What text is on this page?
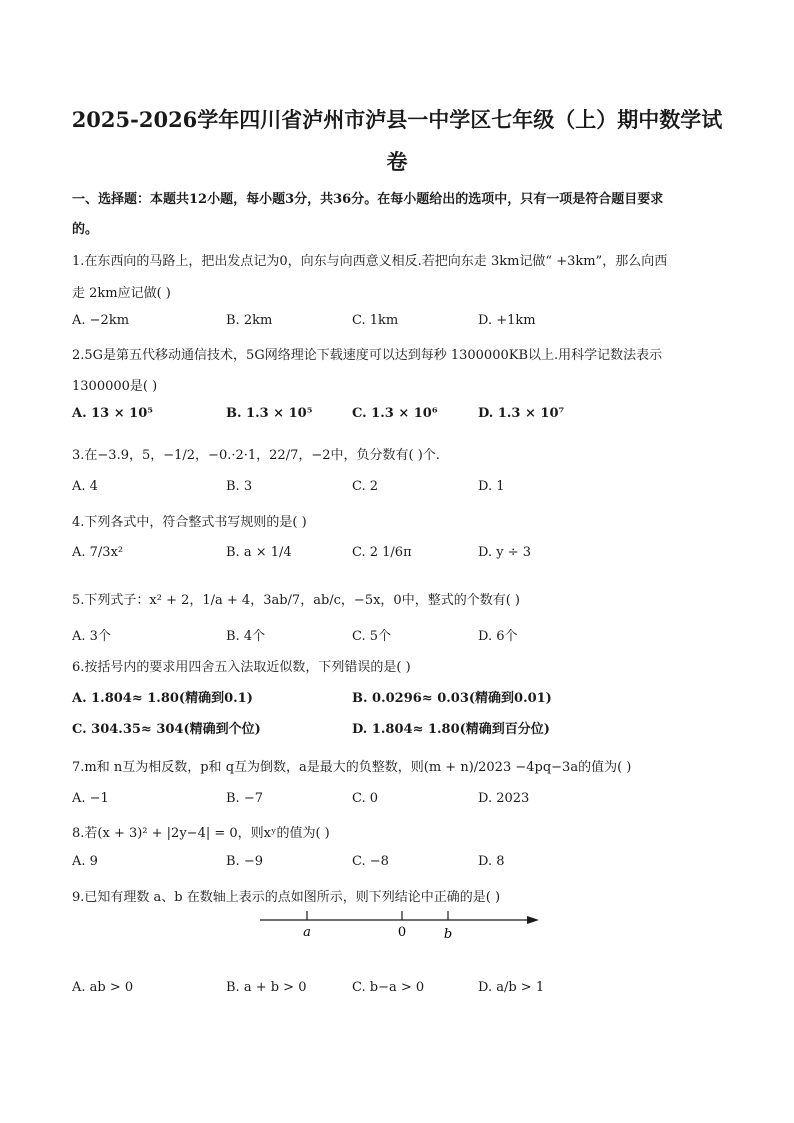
2025-2026学年四川省泸州市泸县一中学区七年级（上）期中数学试
卷
一、选择题：本题共12小题，每小题3分，共36分。在每小题给出的选项中，只有一项是符合题目要求
的。
1.在东西向的马路上，把出发点记为0，向东与向西意义相反.若把向东走 3km记做“ +3km”，那么向西
走 2km应记做( )
A. −2km	B. 2km	C. 1km	D. +1km
2.5G是第五代移动通信技术，5G网络理论下载速度可以达到每秒 1300000KB以上.用科学记数法表示
1300000是( )
A. 13 × 10⁵	B. 1.3 × 10⁵	C. 1.3 × 10⁶	D. 1.3 × 10⁷
3.在−3.9，5，−1/2，−0.·2·1，22/7，−2中，负分数有( )个.
A. 4	B. 3	C. 2	D. 1
4.下列各式中，符合整式书写规则的是( )
A. 7/3x²	B. a × 1/4	C. 2 1/6π	D. y ÷ 3
5.下列式子：x² + 2，1/a + 4，3ab/7，ab/c，−5x，0中，整式的个数有( )
A. 3个	B. 4个	C. 5个	D. 6个
6.按括号内的要求用四舍五入法取近似数，下列错误的是( )
A. 1.804≈ 1.80(精确到0.1)	B. 0.0296≈ 0.03(精确到0.01)
C. 304.35≈ 304(精确到个位)	D. 1.804≈ 1.80(精确到百分位)
7.m和 n互为相反数，p和 q互为倒数，a是最大的负整数，则(m + n)/2023 −4pq−3a的值为( )
A. −1	B. −7	C. 0	D. 2023
8.若(x + 3)² + |2y−4| = 0，则xʸ的值为( )
A. 9	B. −9	C. −8	D. 8
9.已知有理数 a、b 在数轴上表示的点如图所示，则下列结论中正确的是( )
a	0	b
A. ab > 0	B. a + b > 0	C. b−a > 0	D. a/b > 1
